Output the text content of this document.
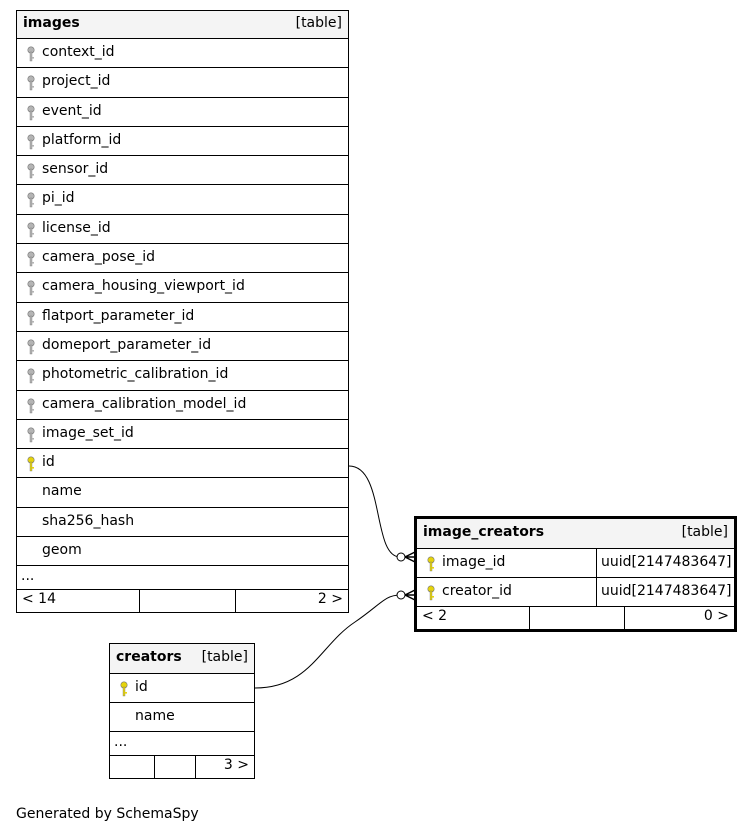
images	[table]
context_id
project_id
event_id
platform_id
sensor_id
pi_id
license_id
camera_pose_id
camera_housing_viewport_id
flatport_parameter_id
domeport_parameter_id
photometric_calibration_id
camera_calibration_model_id
image_set_id
id
name
sha256_hash
geom
...
< 14	2 >
image_creators	[table]
image_id	uuid[2147483647]
creator_id	uuid[2147483647]
< 2	0 >
creators [table]
id
name
...
3 >
Generated by SchemaSpy
